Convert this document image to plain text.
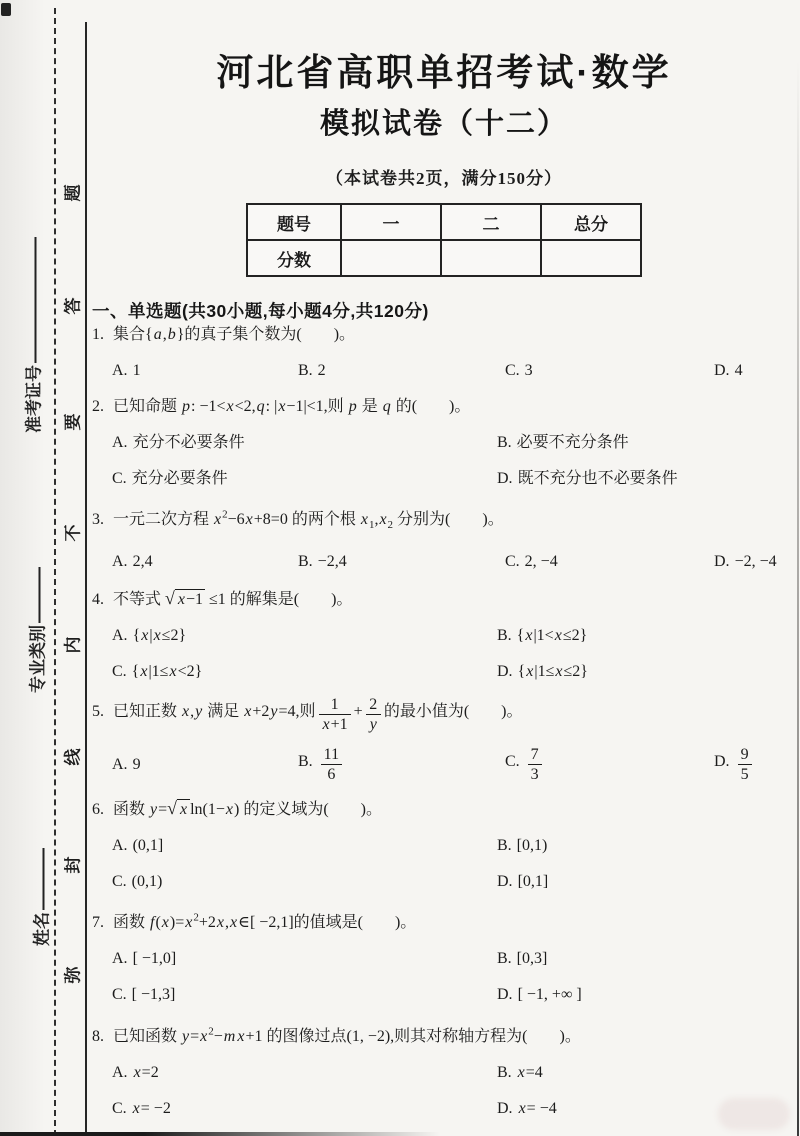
题
答
要
不
内
线
封
弥
准考证号
专业类别
姓名
河北省高职单招考试·数学
模拟试卷（十二）
（本试卷共2页，满分150分）
题号	一	二	总分
分数			
一、单选题(共30小题,每小题4分,共120分)
1. 集合{a,b}的真子集个数为(　　)。
A. 1	B. 2	C. 3	D. 4
2. 已知命题 p: −1<x<2,q: |x−1|<1,则 p 是 q 的(　　)。
A. 充分不必要条件	B. 必要不充分条件
C. 充分必要条件	D. 既不充分也不必要条件
3. 一元二次方程 $x^2-6x+8=0$ 的两个根 $x_1,x_2$ 分别为(　　)。
A. 2,4	B. −2,4	C. 2, −4	D. −2, −4
4. 不等式 √ x−1 ≤1 的解集是(　　)。
A. {x|x≤2}	B. {x|1<x≤2}
C. {x|1≤x<2}	D. {x|1≤x≤2}
5. 已知正数 x,y 满足 x+2y=4,则 $\frac{1}{x+1} + \frac{2}{y}$ 的最小值为(　　)。
A. 9	B. $\frac{11}{6}$	C. $\frac{7}{3}$	D. $\frac{9}{5}$
6. 函数 y=√ x ln(1−x) 的定义域为(　　)。
A. (0,1]	B. [0,1)
C. (0,1)	D. [0,1]
7. 函数 $f(x)=x^2+2x,x\in[ -2,1]$的值域是(　　)。
A. [ −1,0]	B. [0,3]
C. [ −1,3]	D. [ −1, +∞ ]
8. 已知函数 $y=x^2-m$ x+1 的图像过点(1, −2),则其对称轴方程为(　　)。
A. x=2	B. x=4
C. x= −2	D. x= −4
